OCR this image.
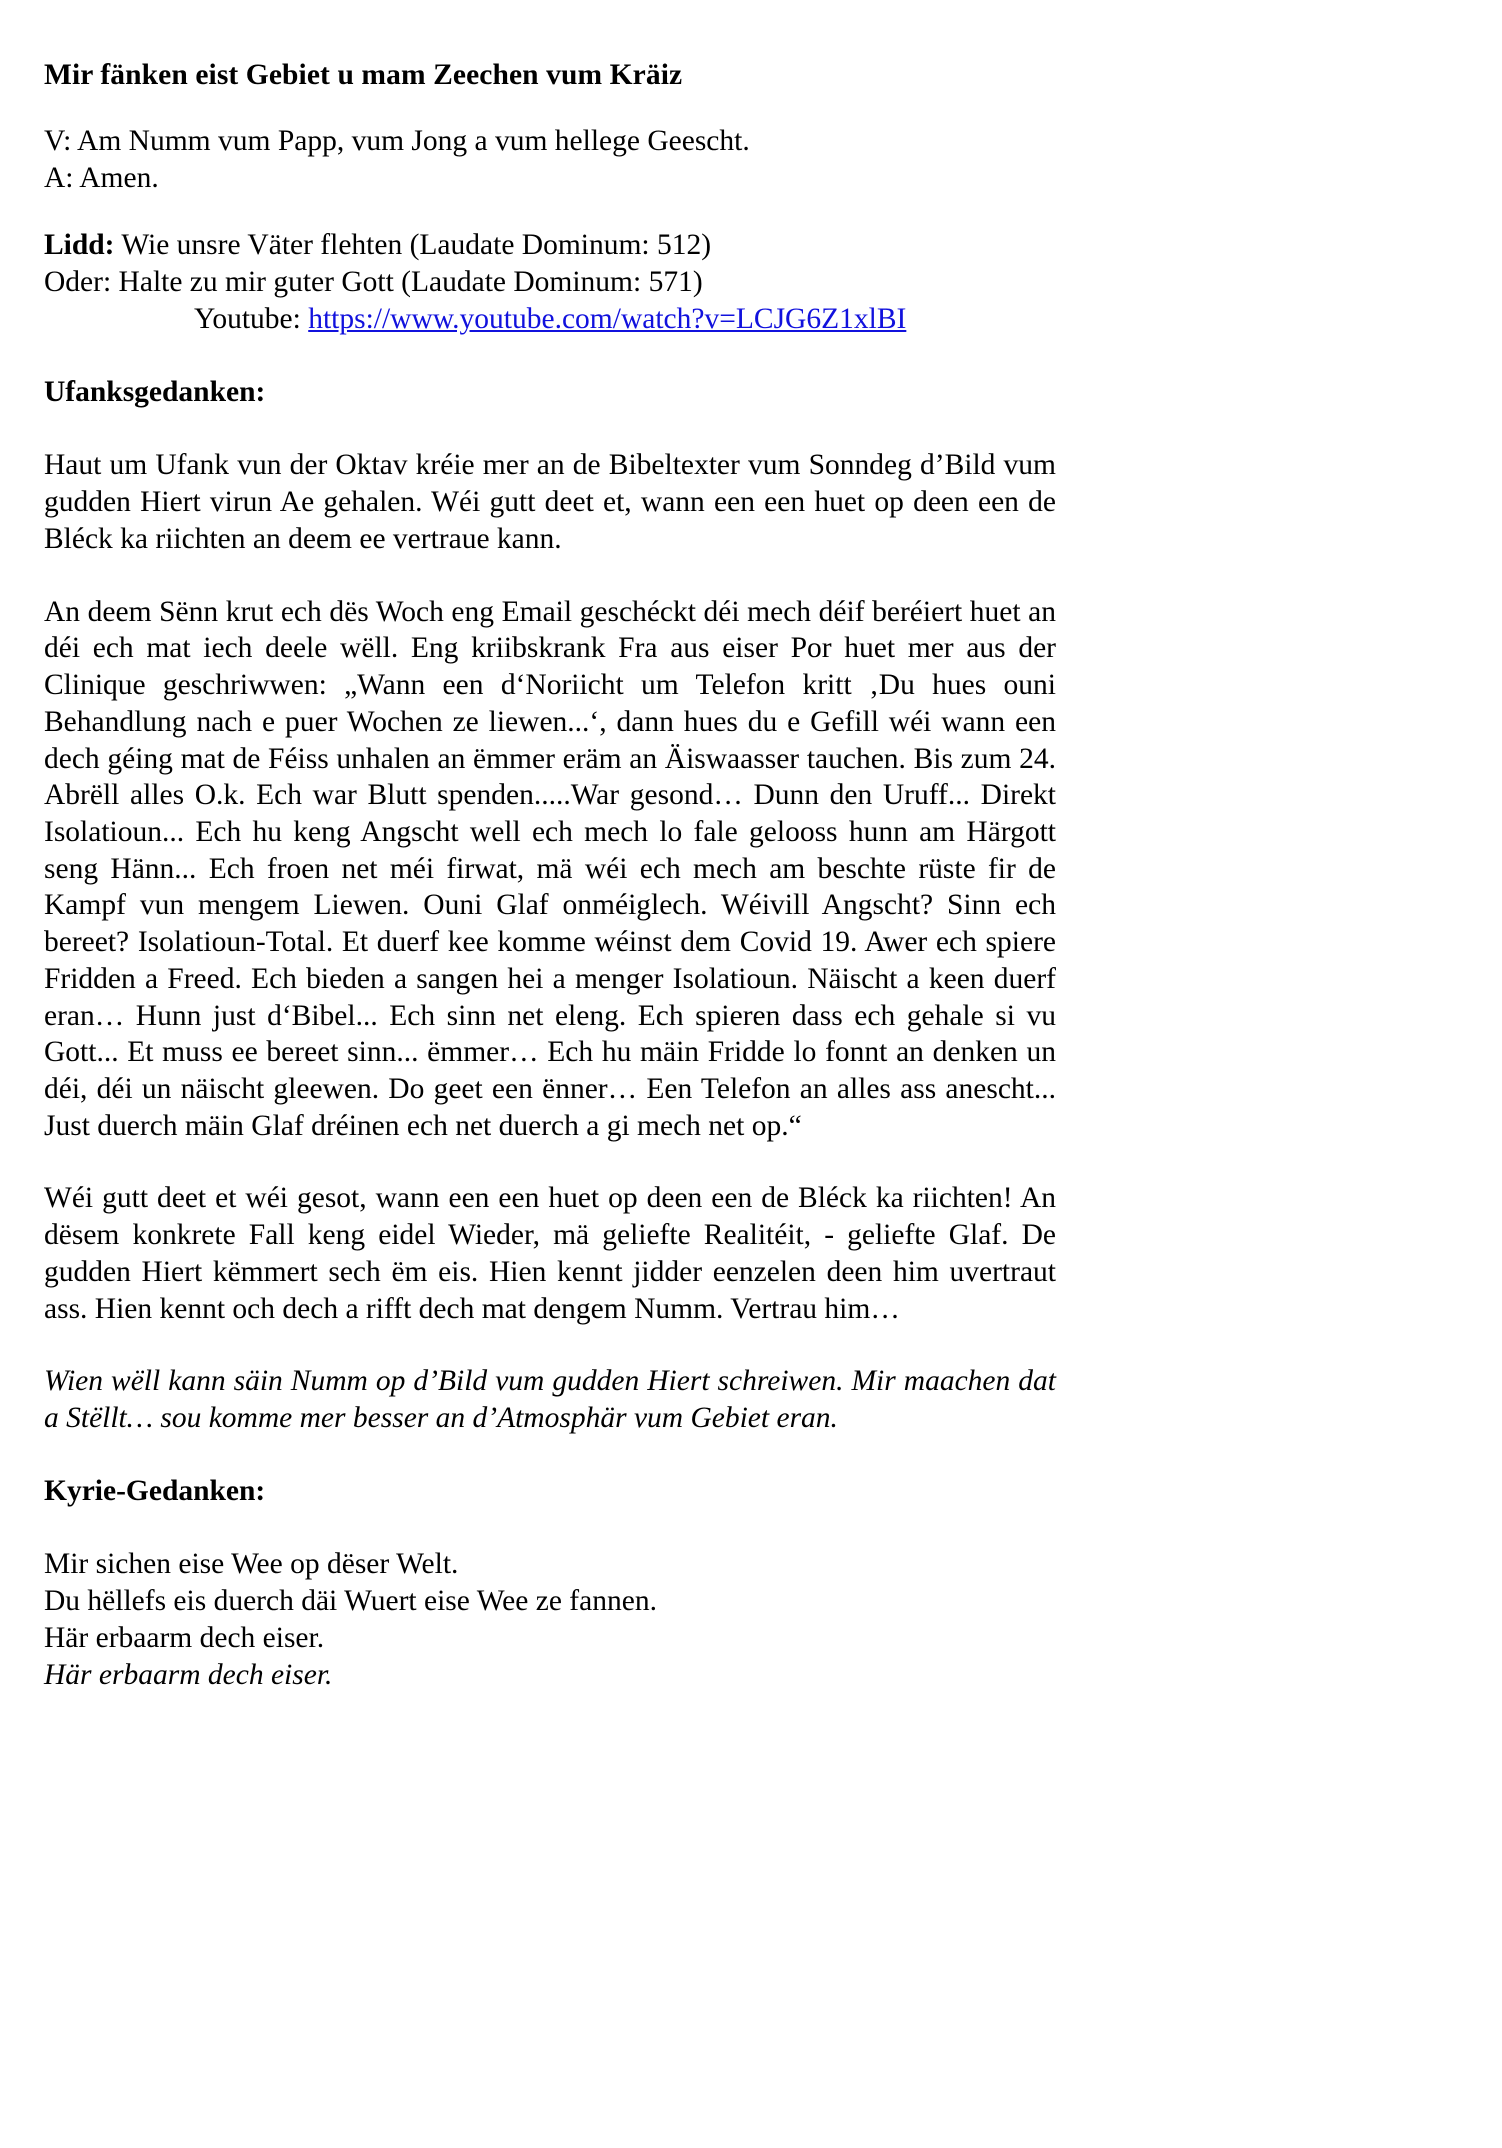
Mir fänken eist Gebiet u mam Zeechen vum Kräiz

V: Am Numm vum Papp, vum Jong a vum hellege Geescht.

A: Amen.

Lidd: Wie unsre Väter flehten (Laudate Dominum: 512)

Oder: Halte zu mir guter Gott (Laudate Dominum: 571)

Youtube: https://www.youtube.com/watch?v=LCJG6Z1xlBI

Ufanksgedanken:

Haut um Ufank vun der Oktav kréie mer an de Bibeltexter vum Sonndeg d’Bild vum gudden Hiert virun Ae gehalen. Wéi gutt deet et, wann een een huet op deen een de Bléck ka riichten an deem ee vertraue kann.

An deem Sënn krut ech dës Woch eng Email geschéckt déi mech déif beréiert huet an déi ech mat iech deele wëll. Eng kriibskrank Fra aus eiser Por huet mer aus der Clinique geschriwwen: „Wann een d‘Noriicht um Telefon kritt ‚Du hues ouni Behandlung nach e puer Wochen ze liewen...‘, dann hues du e Gefill wéi wann een dech géing mat de Féiss unhalen an ëmmer eräm an Äiswaasser tauchen. Bis zum 24. Abrëll alles O.k. Ech war Blutt spenden.....War gesond… Dunn den Uruff... Direkt Isolatioun... Ech hu keng Angscht well ech mech lo fale gelooss hunn am Härgott seng Hänn... Ech froen net méi firwat, mä wéi ech mech am beschte rüste fir de Kampf vun mengem Liewen. Ouni Glaf onméiglech. Wéivill Angscht? Sinn ech bereet? Isolatioun-Total. Et duerf kee komme wéinst dem Covid 19. Awer ech spiere Fridden a Freed. Ech bieden a sangen hei a menger Isolatioun. Näischt a keen duerf eran… Hunn just d‘Bibel... Ech sinn net eleng. Ech spieren dass ech gehale si vu Gott... Et muss ee bereet sinn... ëmmer… Ech hu mäin Fridde lo fonnt an denken un déi, déi un näischt gleewen. Do geet een ënner… Een Telefon an alles ass anescht... Just duerch mäin Glaf dréinen ech net duerch a gi mech net op.“

Wéi gutt deet et wéi gesot, wann een een huet op deen een de Bléck ka riichten! An dësem konkrete Fall keng eidel Wieder, mä geliefte Realitéit, - geliefte Glaf. De gudden Hiert këmmert sech ëm eis. Hien kennt jidder eenzelen deen him uvertraut ass. Hien kennt och dech a rifft dech mat dengem Numm. Vertrau him…

Wien wëll kann säin Numm op d’Bild vum gudden Hiert schreiwen. Mir maachen dat a Stëllt… sou komme mer besser an d’Atmosphär vum Gebiet eran.

Kyrie-Gedanken:

Mir sichen eise Wee op dëser Welt.

Du hëllefs eis duerch däi Wuert eise Wee ze fannen.

Här erbaarm dech eiser.

Här erbaarm dech eiser.
